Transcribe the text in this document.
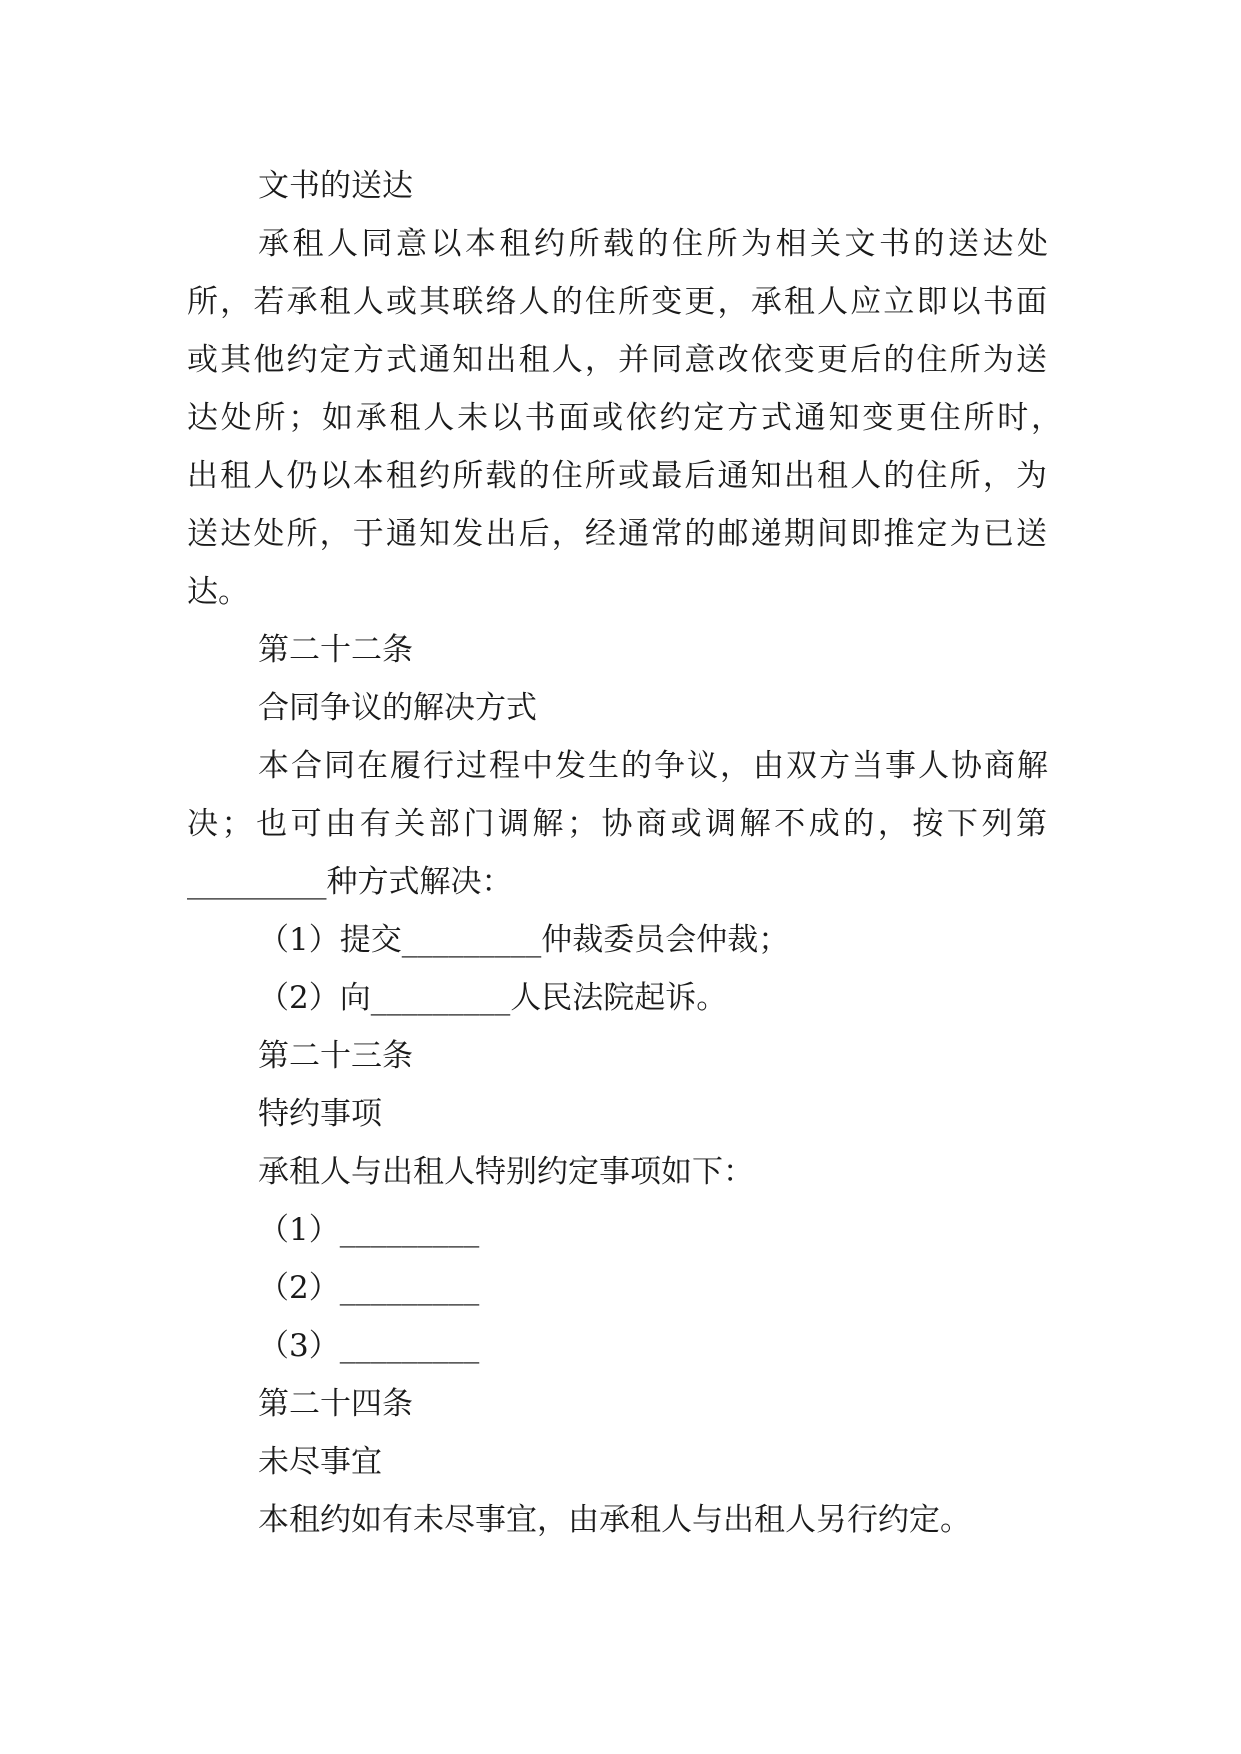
文书的送达
承租人同意以本租约所载的住所为相关文书的送达处
所，若承租人或其联络人的住所变更，承租人应立即以书面
或其他约定方式通知出租人，并同意改依变更后的住所为送
达处所；如承租人未以书面或依约定方式通知变更住所时，
出租人仍以本租约所载的住所或最后通知出租人的住所，为
送达处所，于通知发出后，经通常的邮递期间即推定为已送
达。
第二十二条
合同争议的解决方式
本合同在履行过程中发生的争议，由双方当事人协商解
决；也可由有关部门调解；协商或调解不成的，按下列第
_________种方式解决：
（1）提交_________仲裁委员会仲裁；
（2）向_________人民法院起诉。
第二十三条
特约事项
承租人与出租人特别约定事项如下：
（1）_________
（2）_________
（3）_________
第二十四条
未尽事宜
本租约如有未尽事宜，由承租人与出租人另行约定。
